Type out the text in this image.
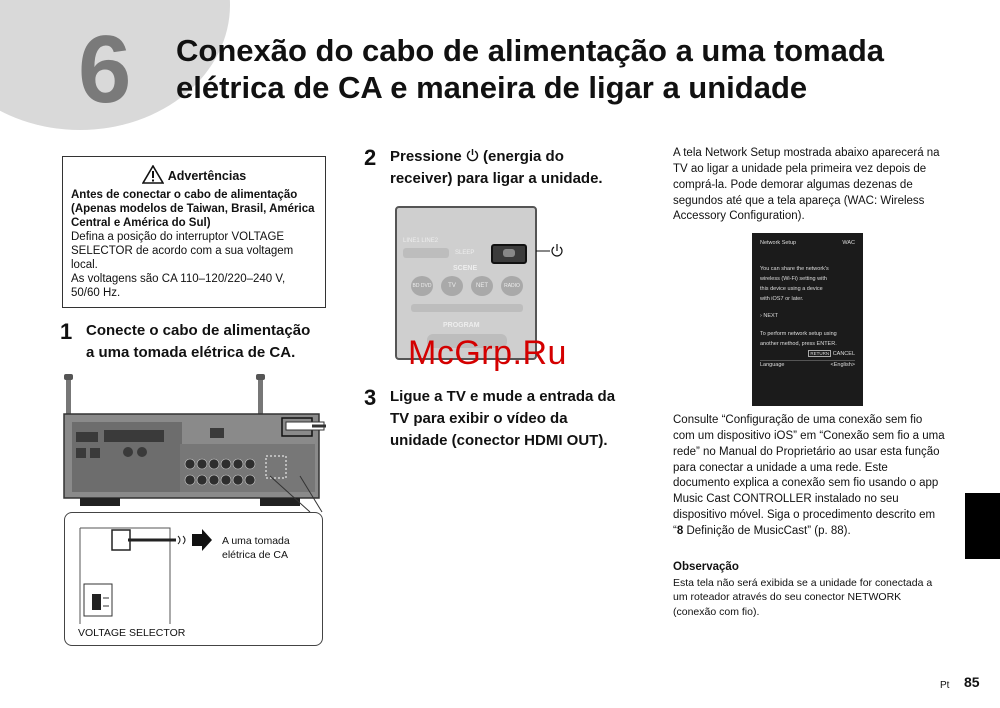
6 Conexão do cabo de alimentação a uma tomada
elétrica de CA e maneira de ligar a unidade
Advertências
Antes de conectar o cabo de alimentação (Apenas modelos de Taiwan, Brasil, América Central e América do Sul)
Defina a posição do interruptor VOLTAGE SELECTOR de acordo com a sua voltagem local.
As voltagens são CA 110–120/220–240 V, 50/60 Hz.
1 Conecte o cabo de alimentação
a uma tomada elétrica de CA.
A uma tomada
elétrica de CA
VOLTAGE SELECTOR
2 Pressione  (energia do
receiver) para ligar a unidade.
LINE1 LINE2
SLEEP
SCENE
BD DVD	TV	NET	RADIO
PROGRAM
3 Ligue a TV e mude a entrada da
TV para exibir o vídeo da
unidade (conector HDMI OUT).
A tela Network Setup mostrada abaixo aparecerá na TV ao ligar a unidade pela primeira vez depois de comprá-la. Pode demorar algumas dezenas de segundos até que a tela apareça (WAC: Wireless Accessory Configuration).
Network Setup	WAC
You can share the network's
wireless (Wi-Fi) setting with
this device using a device
with iOS7 or later.
› NEXT
To perform network setup using
another method, press ENTER.
RETURN CANCEL
Language	<English>
Consulte “Configuração de uma conexão sem fio com um dispositivo iOS” em “Conexão sem fio a uma rede” no Manual do Proprietário ao usar esta função para conectar a unidade a uma rede. Este documento explica a conexão sem fio usando o app Music Cast CONTROLLER instalado no seu dispositivo móvel. Siga o procedimento descrito em “8 Definição de MusicCast” (p. 88).
Observação
Esta tela não será exibida se a unidade for conectada a um roteador através do seu conector NETWORK (conexão com fio).
McGrp.Ru
Pt 85
